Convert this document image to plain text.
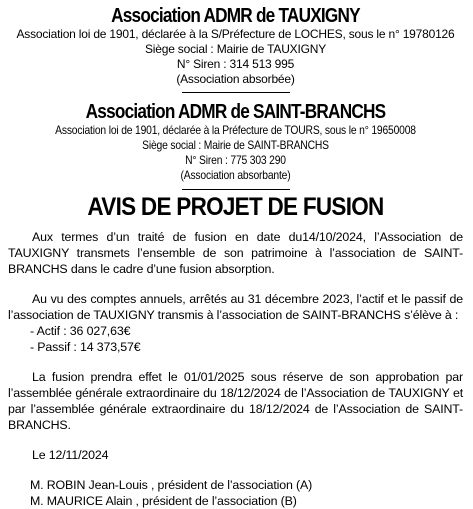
Association ADMR de TAUXIGNY
Association loi de 1901, déclarée à la S/Préfecture de LOCHES, sous le n° 19780126
Siège social : Mairie de TAUXIGNY
N° Siren : 314 513 995
(Association absorbée)
Association ADMR de SAINT-BRANCHS
Association loi de 1901, déclarée à la Préfecture de TOURS, sous le n° 19650008
Siège social : Mairie de SAINT-BRANCHS
N° Siren : 775 303 290
(Association absorbante)
AVIS DE PROJET DE FUSION

Aux termes d’un traité de fusion en date du14/10/2024, l’Association de TAUXIGNY transmets l’ensemble de son patrimoine à l’association de SAINT-BRANCHS dans le cadre d’une fusion absorption.

Au vu des comptes annuels, arrêtés au 31 décembre 2023, l’actif et le passif de l’association de TAUXIGNY transmis à l’association de SAINT-BRANCHS s’élève à :

- Actif : 36 027,63€
- Passif : 14 373,57€

La fusion prendra effet le 01/01/2025 sous réserve de son approbation par l’assemblée générale extraordinaire du 18/12/2024 de l’Association de TAUXIGNY et par l’assemblée générale extraordinaire du 18/12/2024 de l’Association de SAINT-BRANCHS.

Le 12/11/2024
M. ROBIN Jean-Louis , président de l’association (A)
M. MAURICE Alain , président de l’association (B)
